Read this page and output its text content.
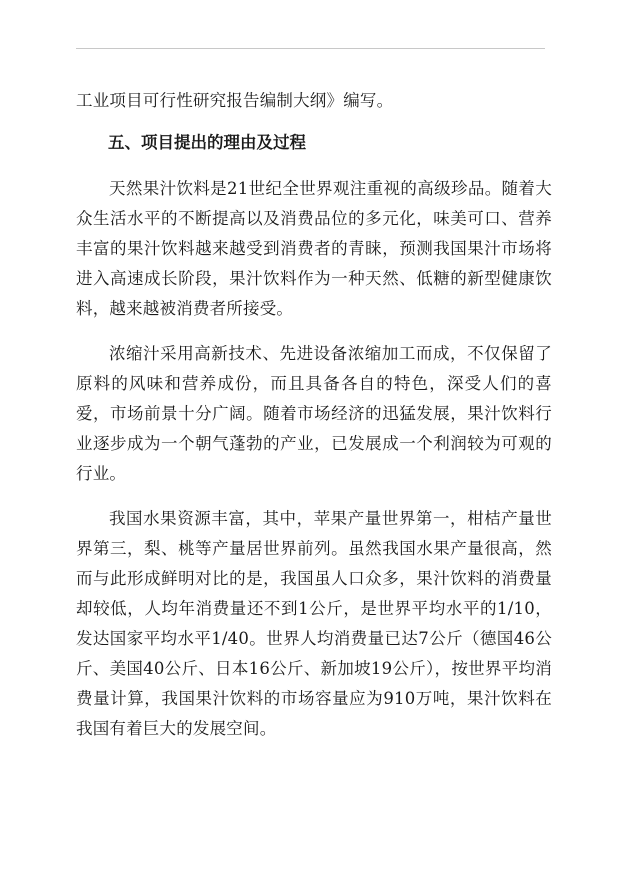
工业项目可行性研究报告编制大纲》编写。

五、项目提出的理由及过程

天然果汁饮料是21世纪全世界观注重视的高级珍品。随着大众生活水平的不断提高以及消费品位的多元化，味美可口、营养丰富的果汁饮料越来越受到消费者的青睐，预测我国果汁市场将进入高速成长阶段，果汁饮料作为一种天然、低糖的新型健康饮料，越来越被消费者所接受。

浓缩汁采用高新技术、先进设备浓缩加工而成，不仅保留了原料的风味和营养成份，而且具备各自的特色，深受人们的喜爱，市场前景十分广阔。随着市场经济的迅猛发展，果汁饮料行业逐步成为一个朝气蓬勃的产业，已发展成一个利润较为可观的行业。

我国水果资源丰富，其中，苹果产量世界第一，柑桔产量世界第三，梨、桃等产量居世界前列。虽然我国水果产量很高，然而与此形成鲜明对比的是，我国虽人口众多，果汁饮料的消费量却较低，人均年消费量还不到1公斤，是世界平均水平的1/10，发达国家平均水平1/40。世界人均消费量已达7公斤（德国46公斤、美国40公斤、日本16公斤、新加坡19公斤），按世界平均消费量计算，我国果汁饮料的市场容量应为910万吨，果汁饮料在我国有着巨大的发展空间。
